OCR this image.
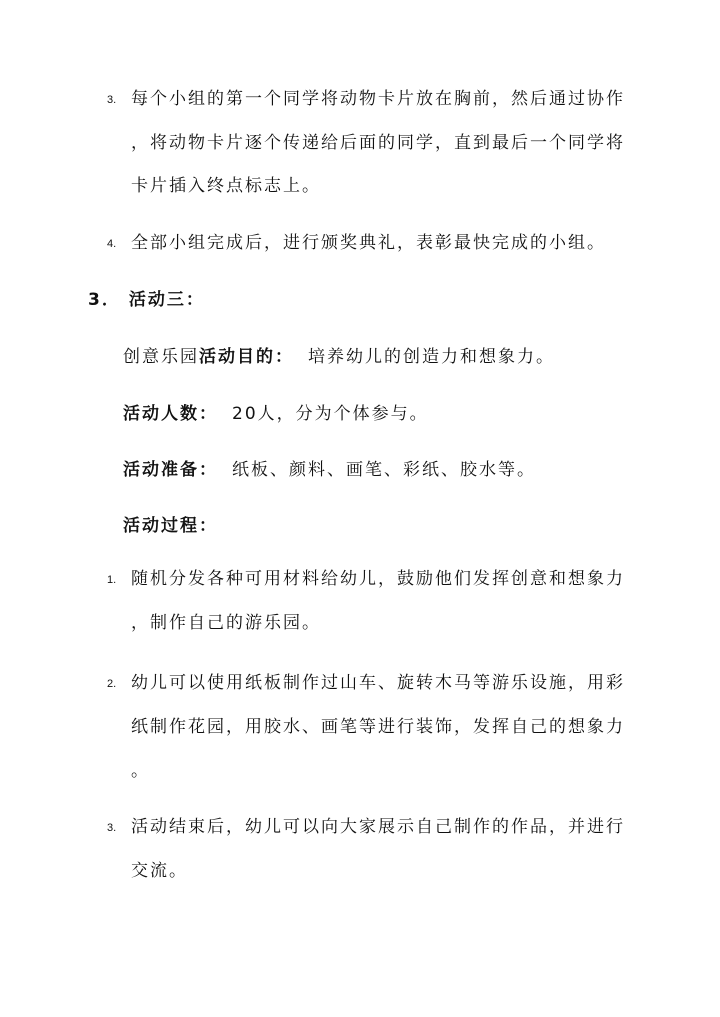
3. 每个小组的第一个同学将动物卡片放在胸前，然后通过协作
，将动物卡片逐个传递给后面的同学，直到最后一个同学将
卡片插入终点标志上。
4. 全部小组完成后，进行颁奖典礼，表彰最快完成的小组。
3． 活动三：
创意乐园活动目的： 培养幼儿的创造力和想象力。
活动人数： 20人，分为个体参与。
活动准备： 纸板、颜料、画笔、彩纸、胶水等。
活动过程：
1. 随机分发各种可用材料给幼儿，鼓励他们发挥创意和想象力
，制作自己的游乐园。
2. 幼儿可以使用纸板制作过山车、旋转木马等游乐设施，用彩
纸制作花园，用胶水、画笔等进行装饰，发挥自己的想象力
。
3. 活动结束后，幼儿可以向大家展示自己制作的作品，并进行
交流。
